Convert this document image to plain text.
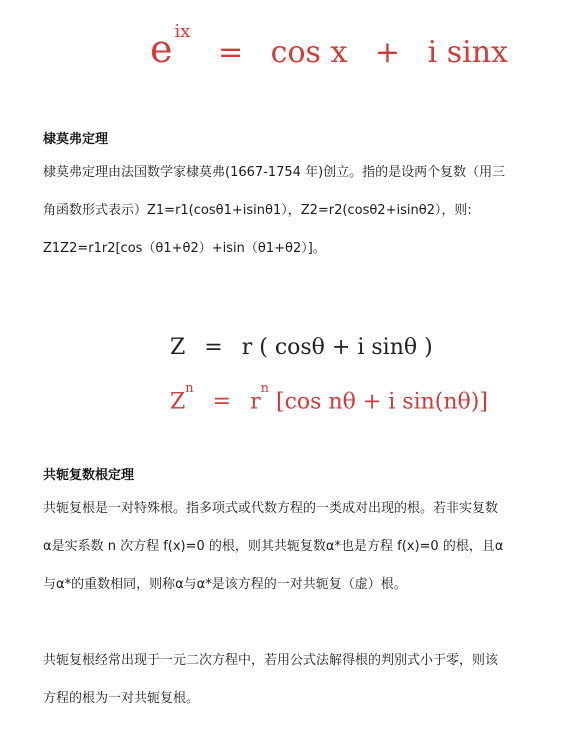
e $^{ix}$ = cos x + i sinx
棣莫弗定理

棣莫弗定理由法国数学家棣莫弗(1667-1754 年)创立。指的是设两个复数（用三
角函数形式表示）Z1=r1(cosθ1+isinθ1），Z2=r2(cosθ2+isinθ2），则:
Z1Z2=r1r2[cos（θ1+θ2）+isin（θ1+θ2）]。

Z = r ( cosθ + i sinθ )
$Z^n = r^n$ [cos nθ + i sin(nθ)]
共轭复数根定理

共轭复根是一对特殊根。指多项式或代数方程的一类成对出现的根。若非实复数
α是实系数 n 次方程 f(x)=0 的根，则其共轭复数α*也是方程 f(x)=0 的根，且α
与α*的重数相同，则称α与α*是该方程的一对共轭复（虚）根。

共轭复根经常出现于一元二次方程中，若用公式法解得根的判别式小于零，则该
方程的根为一对共轭复根。
